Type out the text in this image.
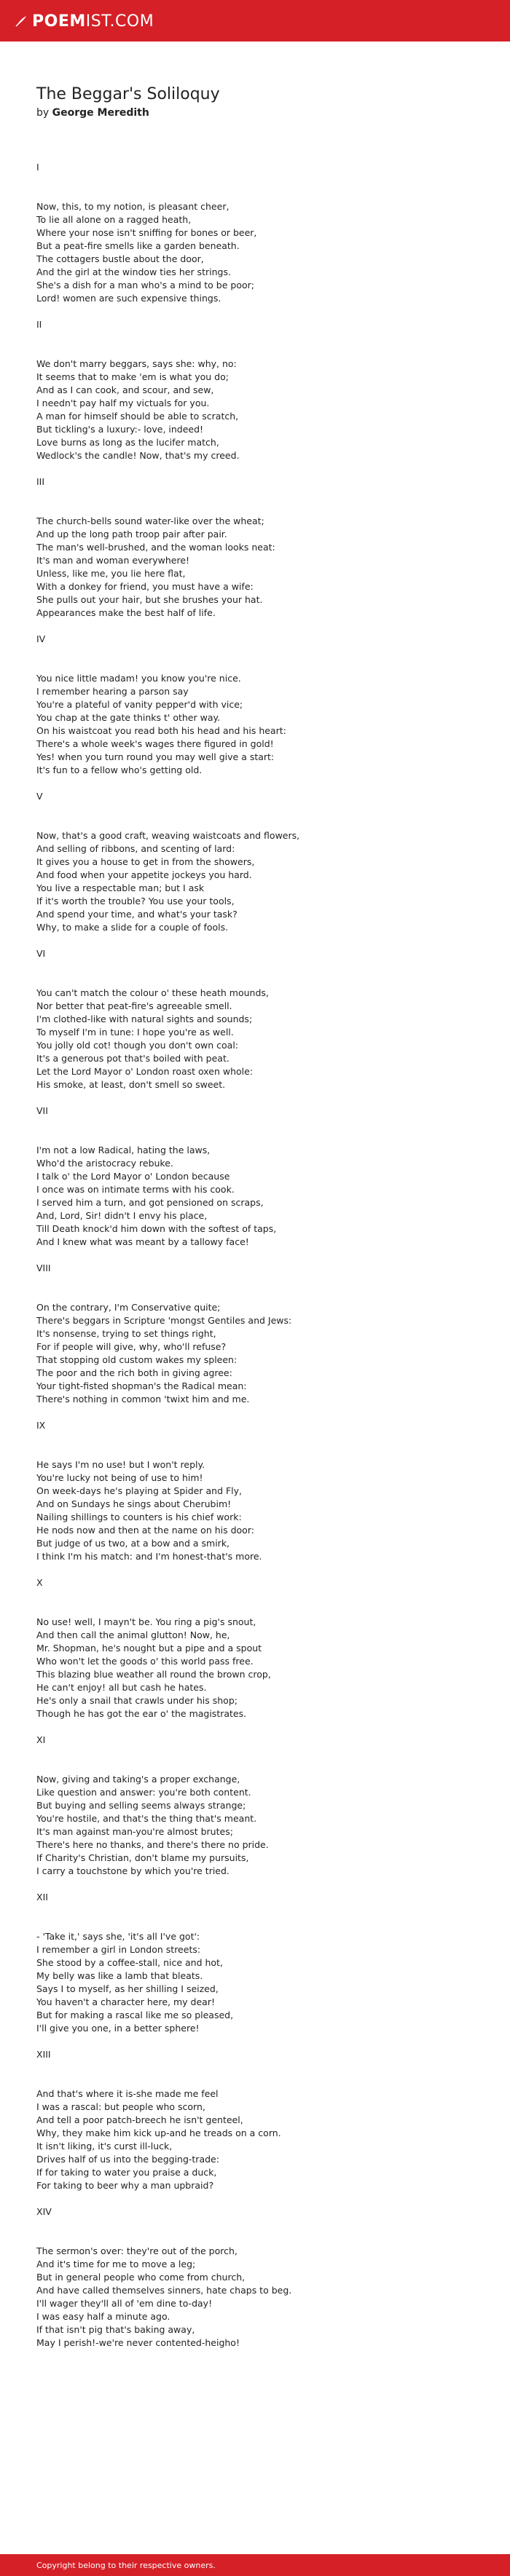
POEM IST.COM
The Beggar's Soliloquy
by George Meredith
I
Now, this, to my notion, is pleasant cheer,
To lie all alone on a ragged heath,
Where your nose isn't sniffing for bones or beer,
But a peat-fire smells like a garden beneath.
The cottagers bustle about the door,
And the girl at the window ties her strings.
She's a dish for a man who's a mind to be poor;
Lord! women are such expensive things.
II
We don't marry beggars, says she: why, no:
It seems that to make 'em is what you do;
And as I can cook, and scour, and sew,
I needn't pay half my victuals for you.
A man for himself should be able to scratch,
But tickling's a luxury:- love, indeed!
Love burns as long as the lucifer match,
Wedlock's the candle! Now, that's my creed.
III
The church-bells sound water-like over the wheat;
And up the long path troop pair after pair.
The man's well-brushed, and the woman looks neat:
It's man and woman everywhere!
Unless, like me, you lie here flat,
With a donkey for friend, you must have a wife:
She pulls out your hair, but she brushes your hat.
Appearances make the best half of life.
IV
You nice little madam! you know you're nice.
I remember hearing a parson say
You're a plateful of vanity pepper'd with vice;
You chap at the gate thinks t' other way.
On his waistcoat you read both his head and his heart:
There's a whole week's wages there figured in gold!
Yes! when you turn round you may well give a start:
It's fun to a fellow who's getting old.
V
Now, that's a good craft, weaving waistcoats and flowers,
And selling of ribbons, and scenting of lard:
It gives you a house to get in from the showers,
And food when your appetite jockeys you hard.
You live a respectable man; but I ask
If it's worth the trouble? You use your tools,
And spend your time, and what's your task?
Why, to make a slide for a couple of fools.
VI
You can't match the colour o' these heath mounds,
Nor better that peat-fire's agreeable smell.
I'm clothed-like with natural sights and sounds;
To myself I'm in tune: I hope you're as well.
You jolly old cot! though you don't own coal:
It's a generous pot that's boiled with peat.
Let the Lord Mayor o' London roast oxen whole:
His smoke, at least, don't smell so sweet.
VII
I'm not a low Radical, hating the laws,
Who'd the aristocracy rebuke.
I talk o' the Lord Mayor o' London because
I once was on intimate terms with his cook.
I served him a turn, and got pensioned on scraps,
And, Lord, Sir! didn't I envy his place,
Till Death knock'd him down with the softest of taps,
And I knew what was meant by a tallowy face!
VIII
On the contrary, I'm Conservative quite;
There's beggars in Scripture 'mongst Gentiles and Jews:
It's nonsense, trying to set things right,
For if people will give, why, who'll refuse?
That stopping old custom wakes my spleen:
The poor and the rich both in giving agree:
Your tight-fisted shopman's the Radical mean:
There's nothing in common 'twixt him and me.
IX
He says I'm no use! but I won't reply.
You're lucky not being of use to him!
On week-days he's playing at Spider and Fly,
And on Sundays he sings about Cherubim!
Nailing shillings to counters is his chief work:
He nods now and then at the name on his door:
But judge of us two, at a bow and a smirk,
I think I'm his match: and I'm honest-that's more.
X
No use! well, I mayn't be. You ring a pig's snout,
And then call the animal glutton! Now, he,
Mr. Shopman, he's nought but a pipe and a spout
Who won't let the goods o' this world pass free.
This blazing blue weather all round the brown crop,
He can't enjoy! all but cash he hates.
He's only a snail that crawls under his shop;
Though he has got the ear o' the magistrates.
XI
Now, giving and taking's a proper exchange,
Like question and answer: you're both content.
But buying and selling seems always strange;
You're hostile, and that's the thing that's meant.
It's man against man-you're almost brutes;
There's here no thanks, and there's there no pride.
If Charity's Christian, don't blame my pursuits,
I carry a touchstone by which you're tried.
XII
- 'Take it,' says she, 'it's all I've got':
I remember a girl in London streets:
She stood by a coffee-stall, nice and hot,
My belly was like a lamb that bleats.
Says I to myself, as her shilling I seized,
You haven't a character here, my dear!
But for making a rascal like me so pleased,
I'll give you one, in a better sphere!
XIII
And that's where it is-she made me feel
I was a rascal: but people who scorn,
And tell a poor patch-breech he isn't genteel,
Why, they make him kick up-and he treads on a corn.
It isn't liking, it's curst ill-luck,
Drives half of us into the begging-trade:
If for taking to water you praise a duck,
For taking to beer why a man upbraid?
XIV
The sermon's over: they're out of the porch,
And it's time for me to move a leg;
But in general people who come from church,
And have called themselves sinners, hate chaps to beg.
I'll wager they'll all of 'em dine to-day!
I was easy half a minute ago.
If that isn't pig that's baking away,
May I perish!-we're never contented-heigho!
Copyright belong to their respective owners.
